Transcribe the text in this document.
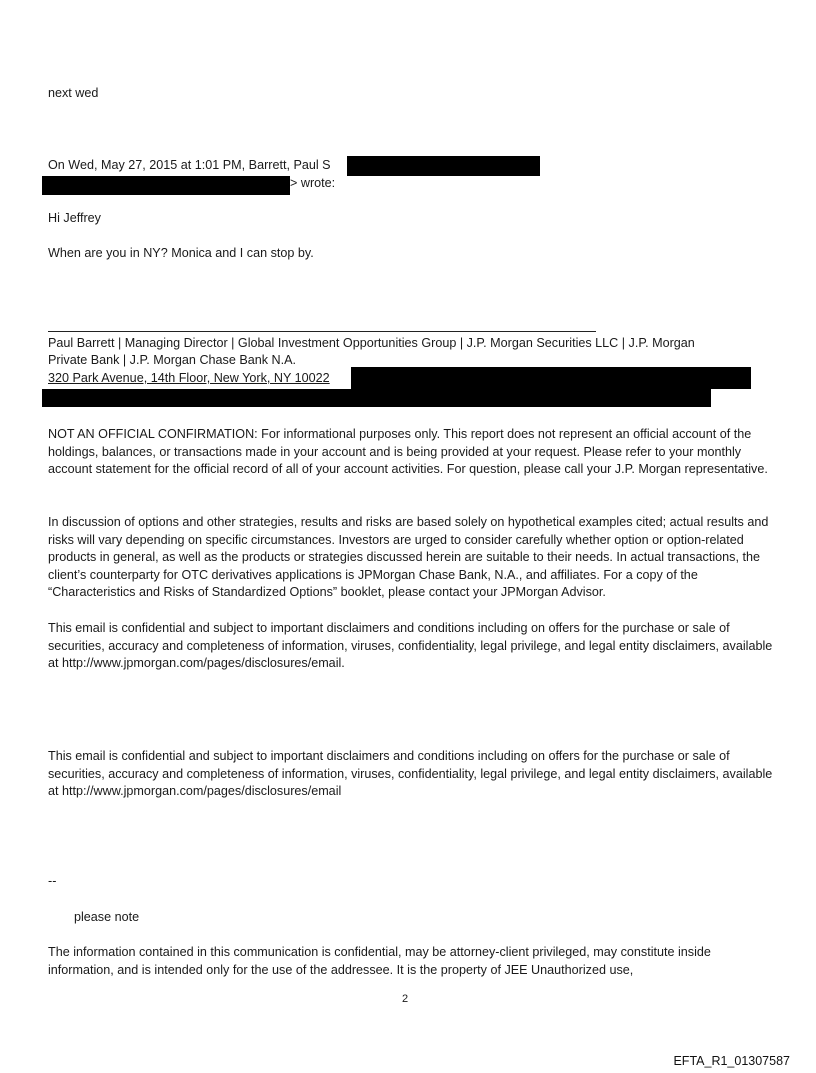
next wed
On Wed, May 27, 2015 at 1:01 PM, Barrett, Paul S
> wrote:
Hi Jeffrey
When are you in NY? Monica and I can stop by.
Paul Barrett | Managing Director | Global Investment Opportunities Group | J.P. Morgan Securities LLC | J.P. Morgan
Private Bank | J.P. Morgan Chase Bank N.A.
320 Park Avenue, 14th Floor, New York, NY 10022
NOT AN OFFICIAL CONFIRMATION: For informational purposes only. This report does not represent an official account of the holdings, balances, or transactions made in your account and is being provided at your request. Please refer to your monthly account statement for the official record of all of your account activities. For question, please call your J.P. Morgan representative.
In discussion of options and other strategies, results and risks are based solely on hypothetical examples cited; actual results and risks will vary depending on specific circumstances. Investors are urged to consider carefully whether option or option-related products in general, as well as the products or strategies discussed herein are suitable to their needs. In actual transactions, the client’s counterparty for OTC derivatives applications is JPMorgan Chase Bank, N.A., and affiliates. For a copy of the “Characteristics and Risks of Standardized Options” booklet, please contact your JPMorgan Advisor.
This email is confidential and subject to important disclaimers and conditions including on offers for the purchase or sale of securities, accuracy and completeness of information, viruses, confidentiality, legal privilege, and legal entity disclaimers, available at http://www.jpmorgan.com/pages/disclosures/email.
This email is confidential and subject to important disclaimers and conditions including on offers for the purchase or sale of securities, accuracy and completeness of information, viruses, confidentiality, legal privilege, and legal entity disclaimers, available at http://www.jpmorgan.com/pages/disclosures/email
--
please note
The information contained in this communication is confidential, may be attorney-client privileged, may constitute inside information, and is intended only for the use of the addressee. It is the property of JEE Unauthorized use,
2
EFTA_R1_01307587
